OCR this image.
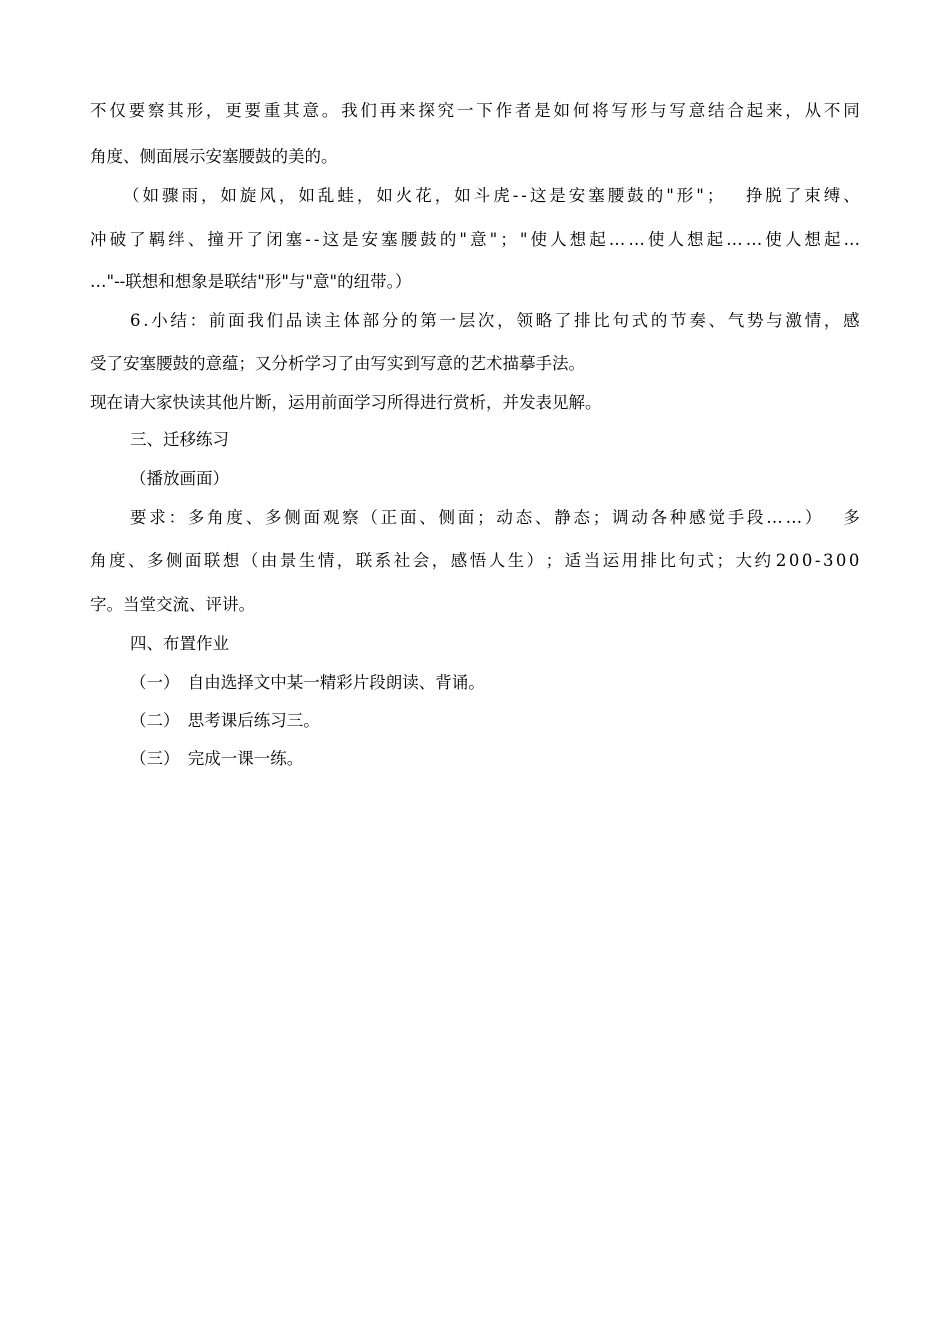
不 仅 要 察 其 形 ， 更 要 重 其 意 。 我 们 再 来 探 究 一 下 作 者 是 如 何 将 写 形 与 写 意 结 合 起 来 ， 从 不 同
角度、侧面展示安塞腰鼓的美的。
（ 如 骤 雨 ， 如 旋 风 ， 如 乱 蛙 ， 如 火 花 ， 如 斗 虎 - - 这 是 安 塞 腰 鼓 的 " 形 " ；
　 挣 脱 了 束 缚 、
冲 破 了 羁 绊 、 撞 开 了 闭 塞 - - 这 是 安 塞 腰 鼓 的 " 意 " ； " 使 人 想 起 … … 使 人 想 起 … … 使 人 想 起 …
…"--联想和想象是联结"形"与"意"的纽带。）
6 . 小 结 ： 前 面 我 们 品 读 主 体 部 分 的 第 一 层 次 ， 领 略 了 排 比 句 式 的 节 奏 、 气 势 与 激 情 ， 感
受了安塞腰鼓的意蕴；又分析学习了由写实到写意的艺术描摹手法。
现在请大家快读其他片断，运用前面学习所得进行赏析，并发表见解。
三、迁移练习
（播放画面）
要 求 ： 多 角 度 、 多 侧 面 观 察 （ 正 面 、 侧 面 ； 动 态 、 静 态 ； 调 动 各 种 感 觉 手 段 … … ）
　 多
角 度 、 多 侧 面 联 想 （ 由 景 生 情 ， 联 系 社 会 ， 感 悟 人 生 ） ； 适 当 运 用 排 比 句 式 ； 大 约 2 0 0 - 3 0 0
字。当堂交流、评讲。
四、布置作业
（一）　自由选择文中某一精彩片段朗读、背诵。
（二）　思考课后练习三。
（三）　完成一课一练。
